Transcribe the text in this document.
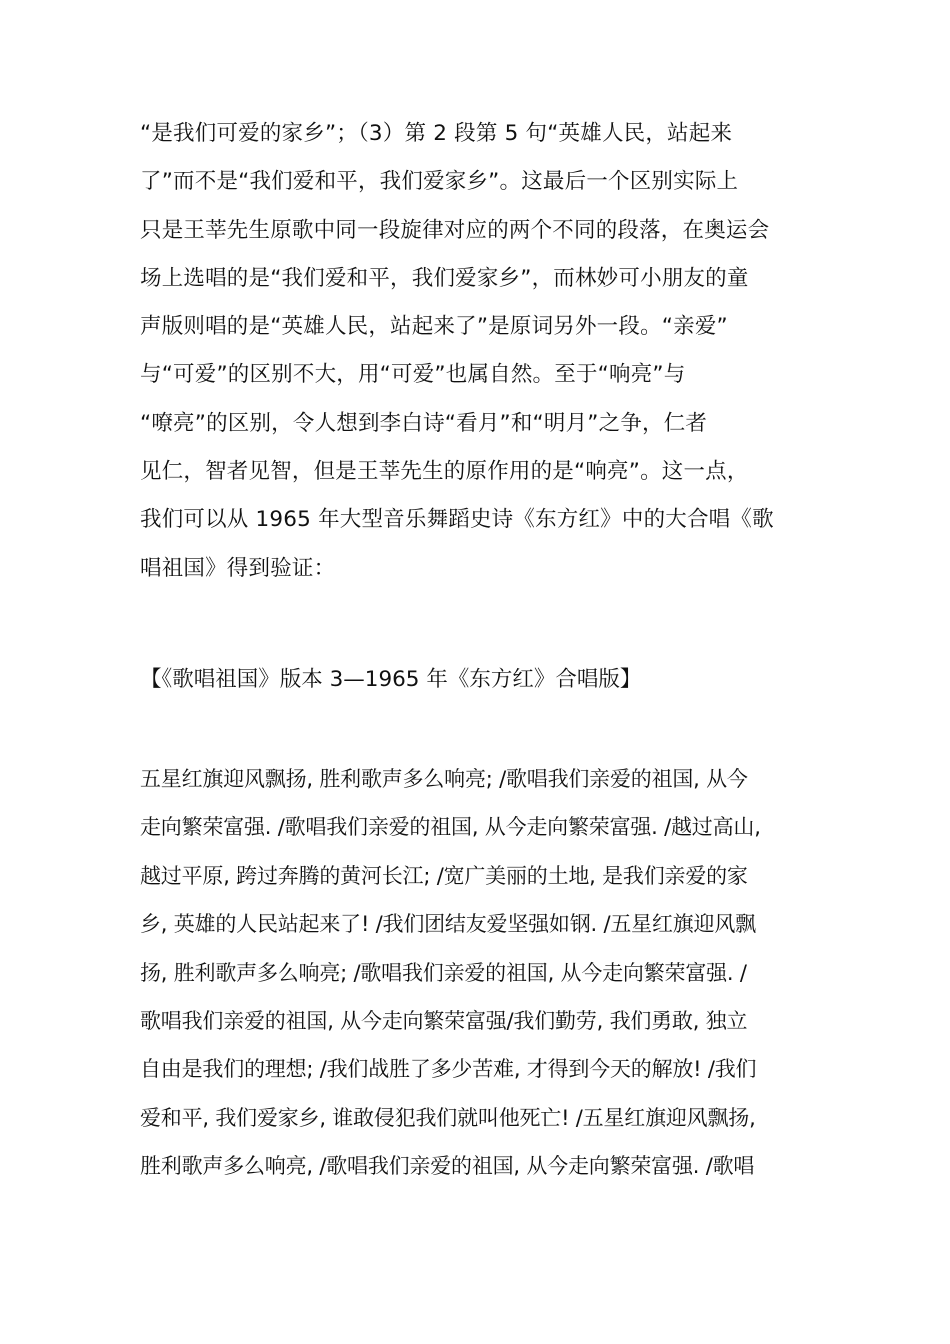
“是我们可爱的家乡”；（3）第 2 段第 5 句“英雄人民，站起来
了”而不是“我们爱和平，我们爱家乡”。这最后一个区别实际上
只是王莘先生原歌中同一段旋律对应的两个不同的段落，在奥运会
场上选唱的是“我们爱和平，我们爱家乡”，而林妙可小朋友的童
声版则唱的是“英雄人民，站起来了”是原词另外一段。“亲爱”
与“可爱”的区别不大，用“可爱”也属自然。至于“响亮”与
“嘹亮”的区别，令人想到李白诗“看月”和“明月”之争，仁者
见仁，智者见智，但是王莘先生的原作用的是“响亮”。这一点，
我们可以从 1965 年大型音乐舞蹈史诗《东方红》中的大合唱《歌
唱祖国》得到验证：
【《歌唱祖国》版本 3—1965 年《东方红》合唱版】
五星红旗迎风飘扬, 胜利歌声多么响亮; /歌唱我们亲爱的祖国, 从今
走向繁荣富强. /歌唱我们亲爱的祖国, 从今走向繁荣富强. /越过高山,
越过平原, 跨过奔腾的黄河长江; /宽广美丽的土地, 是我们亲爱的家
乡, 英雄的人民站起来了! /我们团结友爱坚强如钢. /五星红旗迎风飘
扬, 胜利歌声多么响亮; /歌唱我们亲爱的祖国, 从今走向繁荣富强. /
歌唱我们亲爱的祖国, 从今走向繁荣富强/我们勤劳, 我们勇敢, 独立
自由是我们的理想; /我们战胜了多少苦难, 才得到今天的解放! /我们
爱和平, 我们爱家乡, 谁敢侵犯我们就叫他死亡! /五星红旗迎风飘扬,
胜利歌声多么响亮, /歌唱我们亲爱的祖国, 从今走向繁荣富强. /歌唱
